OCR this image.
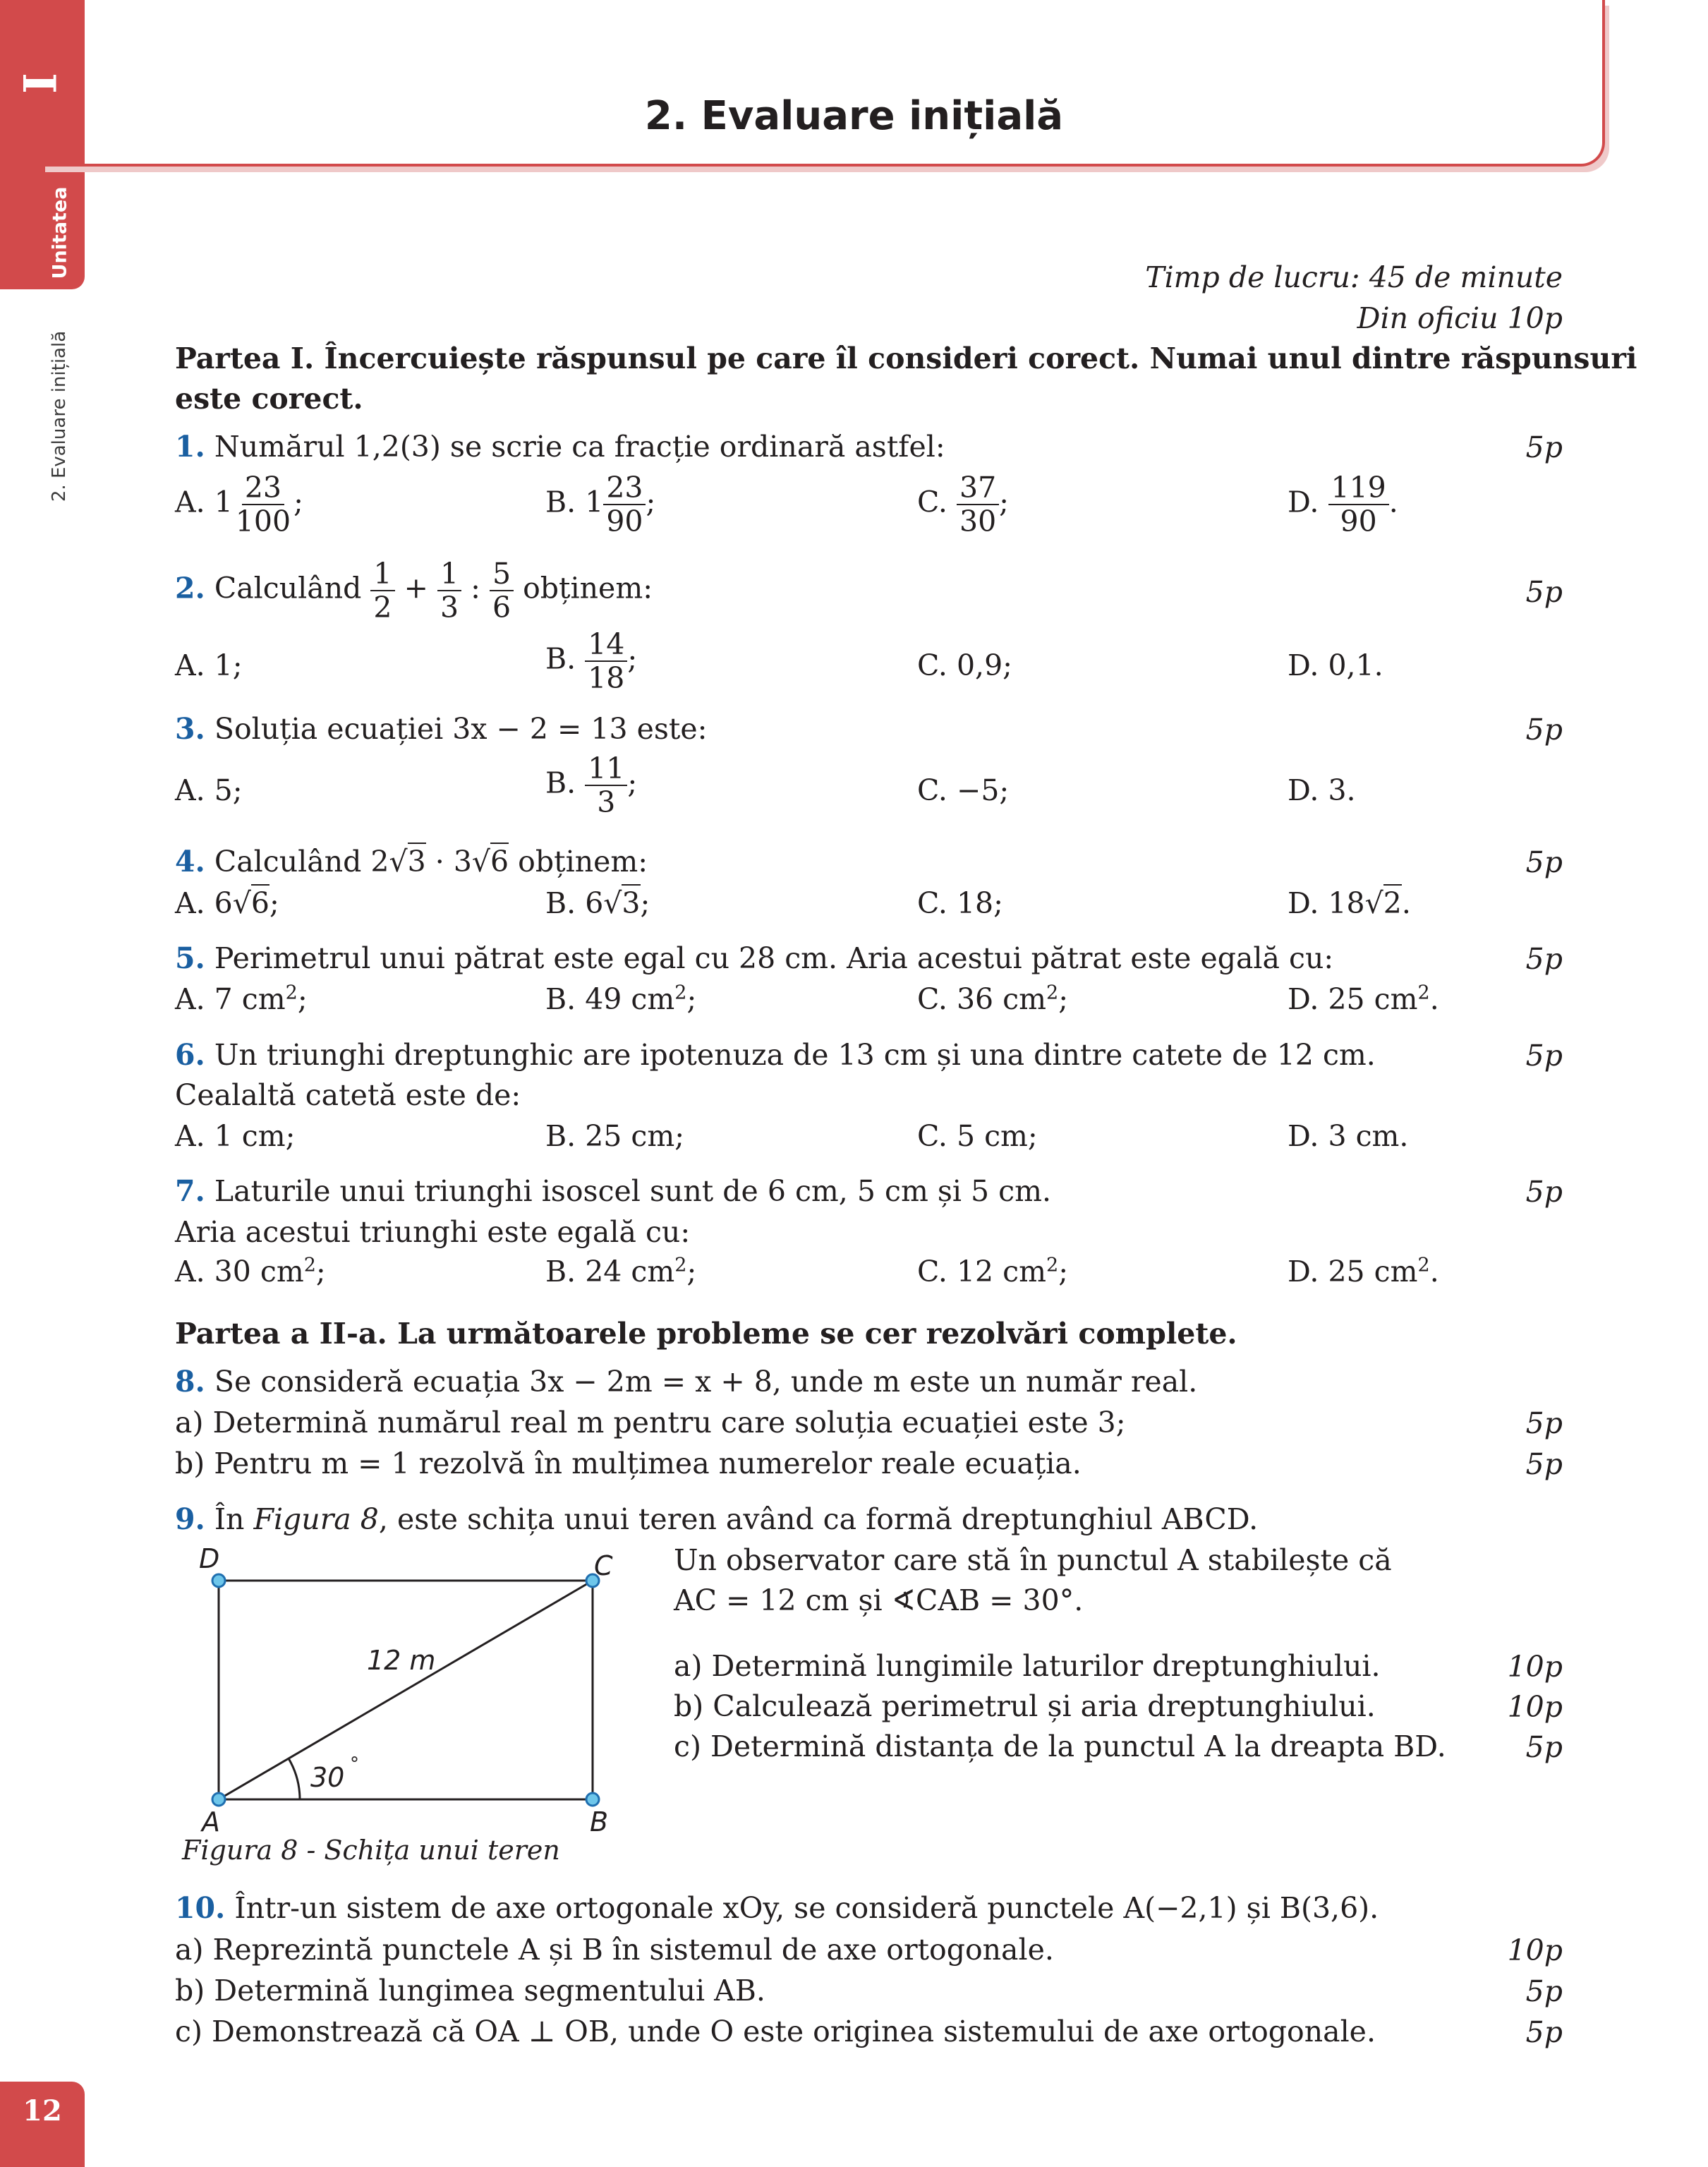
I
Unitatea
2. Evaluare inițială
2. Evaluare inițială
Timp de lucru: 45 de minute
Din oficiu 10p
Partea I. Încercuiește răspunsul pe care îl consideri corect. Numai unul dintre răspunsuri
este corect.
1. Numărul 1,2(3) se scrie ca fracție ordinară astfel:	5p
A. $1 \frac{23}{100}$ ;	B. $1 \frac{23}{90}$ ;	C. $\frac{37}{30}$ ;	D. $\frac{119}{90}$ .
2. Calculând $\frac{1}{2} + \frac{1}{3}$ : $\frac{5}{6}$ obținem:	5p
A. 1;	B. $\frac{14}{18}$ ;	C. 0,9;	D. 0,1.
3. Soluția ecuației 3x − 2 = 13 este:	5p
A. 5;	B. $\frac{11}{3}$ ;	C. −5;	D. 3.
4. Calculând 2√3 · 3√6 obținem:	5p
A. 6√6;	B. 6√3;	C. 18;	D. 18√2.
5. Perimetrul unui pătrat este egal cu 28 cm. Aria acestui pătrat este egală cu:	5p
A. 7 $cm^2$;	B. 49 $cm^2$;	C. 36 $cm^2$;	D. 25 $cm^2$.
6. Un triunghi dreptunghic are ipotenuza de 13 cm și una dintre catete de 12 cm.	5p
Cealaltă catetă este de:
A. 1 cm;	B. 25 cm;	C. 5 cm;	D. 3 cm.
7. Laturile unui triunghi isoscel sunt de 6 cm, 5 cm și 5 cm.	5p
Aria acestui triunghi este egală cu:
A. 30 $cm^2$;	B. 24 $cm^2$;	C. 12 $cm^2$;	D. 25 $cm^2$.
Partea a II-a. La următoarele probleme se cer rezolvări complete.
8. Se consideră ecuația 3x − 2m = x + 8, unde m este un număr real.
a) Determină numărul real m pentru care soluția ecuației este 3;	5p
b) Pentru m = 1 rezolvă în mulțimea numerelor reale ecuația.	5p
9. În Figura 8, este schița unui teren având ca formă dreptunghiul ABCD.
Un observator care stă în punctul A stabilește că
AC = 12 cm și ∢CAB = 30°.
a) Determină lungimile laturilor dreptunghiului.	10p
b) Calculează perimetrul și aria dreptunghiului.	10p
c) Determină distanța de la punctul A la dreapta BD.	5p
D	C
A	B
12 m
30 °
Figura 8 - Schița unui teren
10. Într-un sistem de axe ortogonale xOy, se consideră punctele A(−2,1) și B(3,6).
a) Reprezintă punctele A și B în sistemul de axe ortogonale.	10p
b) Determină lungimea segmentului AB.	5p
c) Demonstrează că OA ⊥ OB, unde O este originea sistemului de axe ortogonale.	5p
12
